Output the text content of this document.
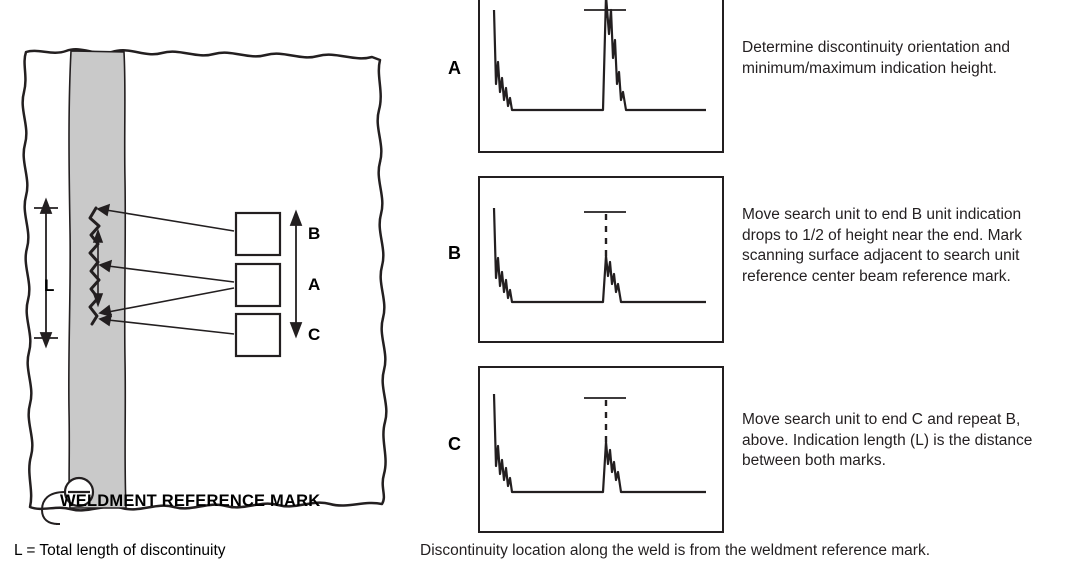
B
A
C
L
WELDMENT REFERENCE MARK
L = Total length of discontinuity
A
Determine discontinuity orientation and minimum/maximum indication height.
B
Move search unit to end B unit indication drops to 1/2 of height near the end. Mark scanning surface adjacent to search unit reference center beam reference mark.
C
Move search unit to end C and repeat B, above. Indication length (L) is the distance between both marks.
Discontinuity location along the weld is from the weldment reference mark.
